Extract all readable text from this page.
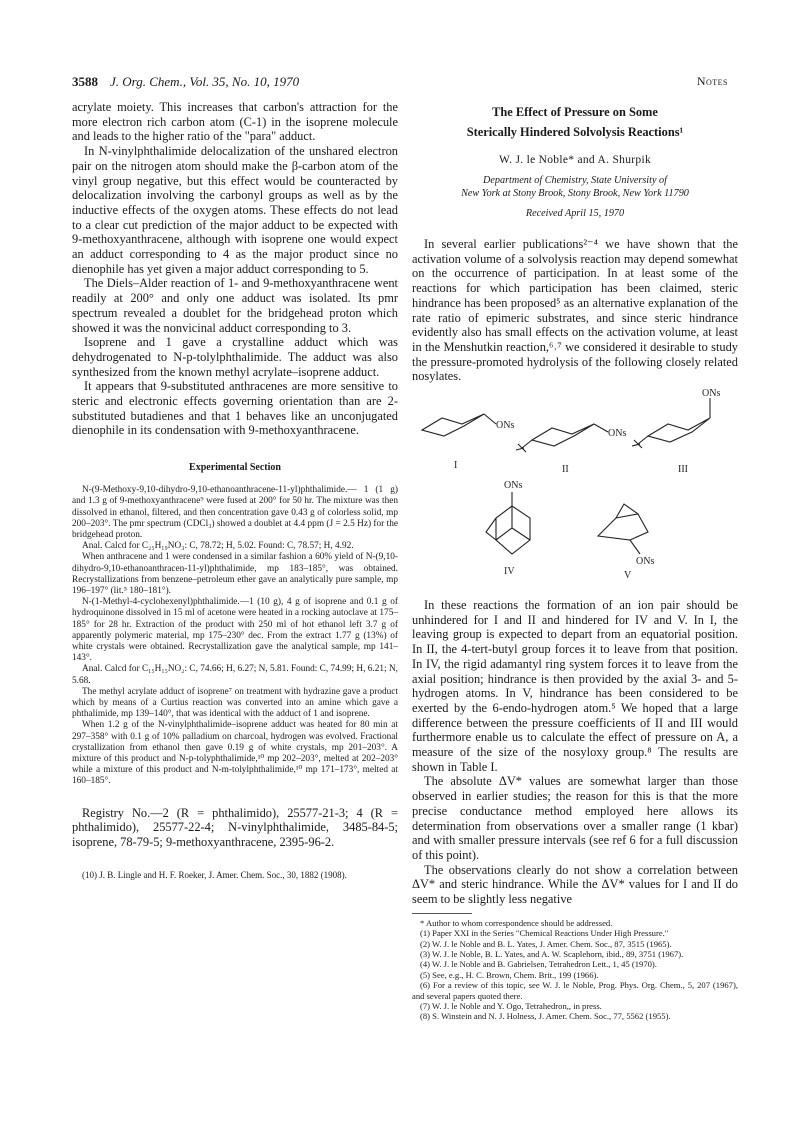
3588 J. Org. Chem., Vol. 35, No. 10, 1970	Notes

acrylate moiety. This increases that carbon's attraction for the more electron rich carbon atom (C-1) in the isoprene molecule and leads to the higher ratio of the "para" adduct.

In N-vinylphthalimide delocalization of the unshared electron pair on the nitrogen atom should make the β-carbon atom of the vinyl group negative, but this effect would be counteracted by delocalization involving the carbonyl groups as well as by the inductive effects of the oxygen atoms. These effects do not lead to a clear cut prediction of the major adduct to be expected with 9-methoxyanthracene, although with isoprene one would expect an adduct corresponding to 4 as the major product since no dienophile has yet given a major adduct corresponding to 5.

The Diels–Alder reaction of 1- and 9-methoxyanthracene went readily at 200° and only one adduct was isolated. Its pmr spectrum revealed a doublet for the bridgehead proton which showed it was the nonvicinal adduct corresponding to 3.

Isoprene and 1 gave a crystalline adduct which was dehydrogenated to N-p-tolylphthalimide. The adduct was also synthesized from the known methyl acrylate–isoprene adduct.

It appears that 9-substituted anthracenes are more sensitive to steric and electronic effects governing orientation than are 2-substituted butadienes and that 1 behaves like an unconjugated dienophile in its condensation with 9-methoxyanthracene.

Experimental Section

N-(9-Methoxy-9,10-dihydro-9,10-ethanoanthracene-11-yl)phthalimide.— 1 (1 g) and 1.3 g of 9-methoxyanthracene⁹ were fused at 200° for 50 hr. The mixture was then dissolved in ethanol, filtered, and then concentration gave 0.43 g of colorless solid, mp 200–203°. The pmr spectrum (CDCl₃) showed a doublet at 4.4 ppm (J = 2.5 Hz) for the bridgehead proton.

Anal. Calcd for C₂₅H₁₉NO₃: C, 78.72; H, 5.02. Found: C, 78.57; H, 4.92.

When anthracene and 1 were condensed in a similar fashion a 60% yield of N-(9,10-dihydro-9,10-ethanoanthracen-11-yl)phthalimide, mp 183–185°, was obtained. Recrystallizations from benzene–petroleum ether gave an analytically pure sample, mp 196–197° (lit.⁵ 180–181°).

N-(1-Methyl-4-cyclohexenyl)phthalimide.—1 (10 g), 4 g of isoprene and 0.1 g of hydroquinone dissolved in 15 ml of acetone were heated in a rocking autoclave at 175–185° for 28 hr. Extraction of the product with 250 ml of hot ethanol left 3.7 g of apparently polymeric material, mp 175–230° dec. From the extract 1.77 g (13%) of white crystals were obtained. Recrystallization gave the analytical sample, mp 141–143°.

Anal. Calcd for C₁₅H₁₅NO₂: C, 74.66; H, 6.27; N, 5.81. Found: C, 74.99; H, 6.21; N, 5.68.

The methyl acrylate adduct of isoprene⁷ on treatment with hydrazine gave a product which by means of a Curtius reaction was converted into an amine which gave a phthalimide, mp 139–140°, that was identical with the adduct of 1 and isoprene.

When 1.2 g of the N-vinylphthalimide–isoprene adduct was heated for 80 min at 297–358° with 0.1 g of 10% palladium on charcoal, hydrogen was evolved. Fractional crystallization from ethanol then gave 0.19 g of white crystals, mp 201–203°. A mixture of this product and N-p-tolyphthalimide,¹⁰ mp 202–203°, melted at 202–203° while a mixture of this product and N-m-tolylphthalimide,¹⁰ mp 171–173°, melted at 160–185°.

Registry No.—2 (R = phthalimido), 25577-21-3; 4 (R = phthalimido), 25577-22-4; N-vinylphthalimide, 3485-84-5; isoprene, 78-79-5; 9-methoxyanthracene, 2395-96-2.

(10) J. B. Lingle and H. F. Roeker, J. Amer. Chem. Soc., 30, 1882 (1908).

The Effect of Pressure on Some
Sterically Hindered Solvolysis Reactions¹
W. J. le Noble* and A. Shurpik
Department of Chemistry, State University of
New York at Stony Brook, Stony Brook, New York 11790
Received April 15, 1970

In several earlier publications²⁻⁴ we have shown that the activation volume of a solvolysis reaction may depend somewhat on the occurrence of participation. In at least some of the reactions for which participation has been claimed, steric hindrance has been proposed⁵ as an alternative explanation of the rate ratio of epimeric substrates, and since steric hindrance evidently also has small effects on the activation volume, at least in the Menshutkin reaction,⁶˒⁷ we considered it desirable to study the pressure-promoted hydrolysis of the following closely related nosylates.

ONs
I
ONs
II
ONs
III
ONs
IV
ONs
V

In these reactions the formation of an ion pair should be unhindered for I and II and hindered for IV and V. In I, the leaving group is expected to depart from an equatorial position. In II, the 4-tert-butyl group forces it to leave from that position. In IV, the rigid adamantyl ring system forces it to leave from the axial position; hindrance is then provided by the axial 3- and 5-hydrogen atoms. In V, hindrance has been considered to be exerted by the 6-endo-hydrogen atom.⁵ We hoped that a large difference between the pressure coefficients of II and III would furthermore enable us to calculate the effect of pressure on A, a measure of the size of the nosyloxy group.⁸ The results are shown in Table I.

The absolute ΔV* values are somewhat larger than those observed in earlier studies; the reason for this is that the more precise conductance method employed here allows its determination from observations over a smaller range (1 kbar) and with smaller pressure intervals (see ref 6 for a full discussion of this point).

The observations clearly do not show a correlation between ΔV* and steric hindrance. While the ΔV* values for I and II do seem to be slightly less negative

* Author to whom correspondence should be addressed.

(1) Paper XXI in the Series "Chemical Reactions Under High Pressure."

(2) W. J. le Noble and B. L. Yates, J. Amer. Chem. Soc., 87, 3515 (1965).

(3) W. J. le Noble, B. L. Yates, and A. W. Scaplehorn, ibid., 89, 3751 (1967).

(4) W. J. le Noble and B. Gabrielsen, Tetrahedron Lett., 1, 45 (1970).

(5) See, e.g., H. C. Brown, Chem. Brit., 199 (1966).

(6) For a review of this topic, see W. J. le Noble, Prog. Phys. Org. Chem., 5, 207 (1967), and several papers quoted there.

(7) W. J. le Noble and Y. Ogo, Tetrahedron,, in press.

(8) S. Winstein and N. J. Holness, J. Amer. Chem. Soc., 77, 5562 (1955).
